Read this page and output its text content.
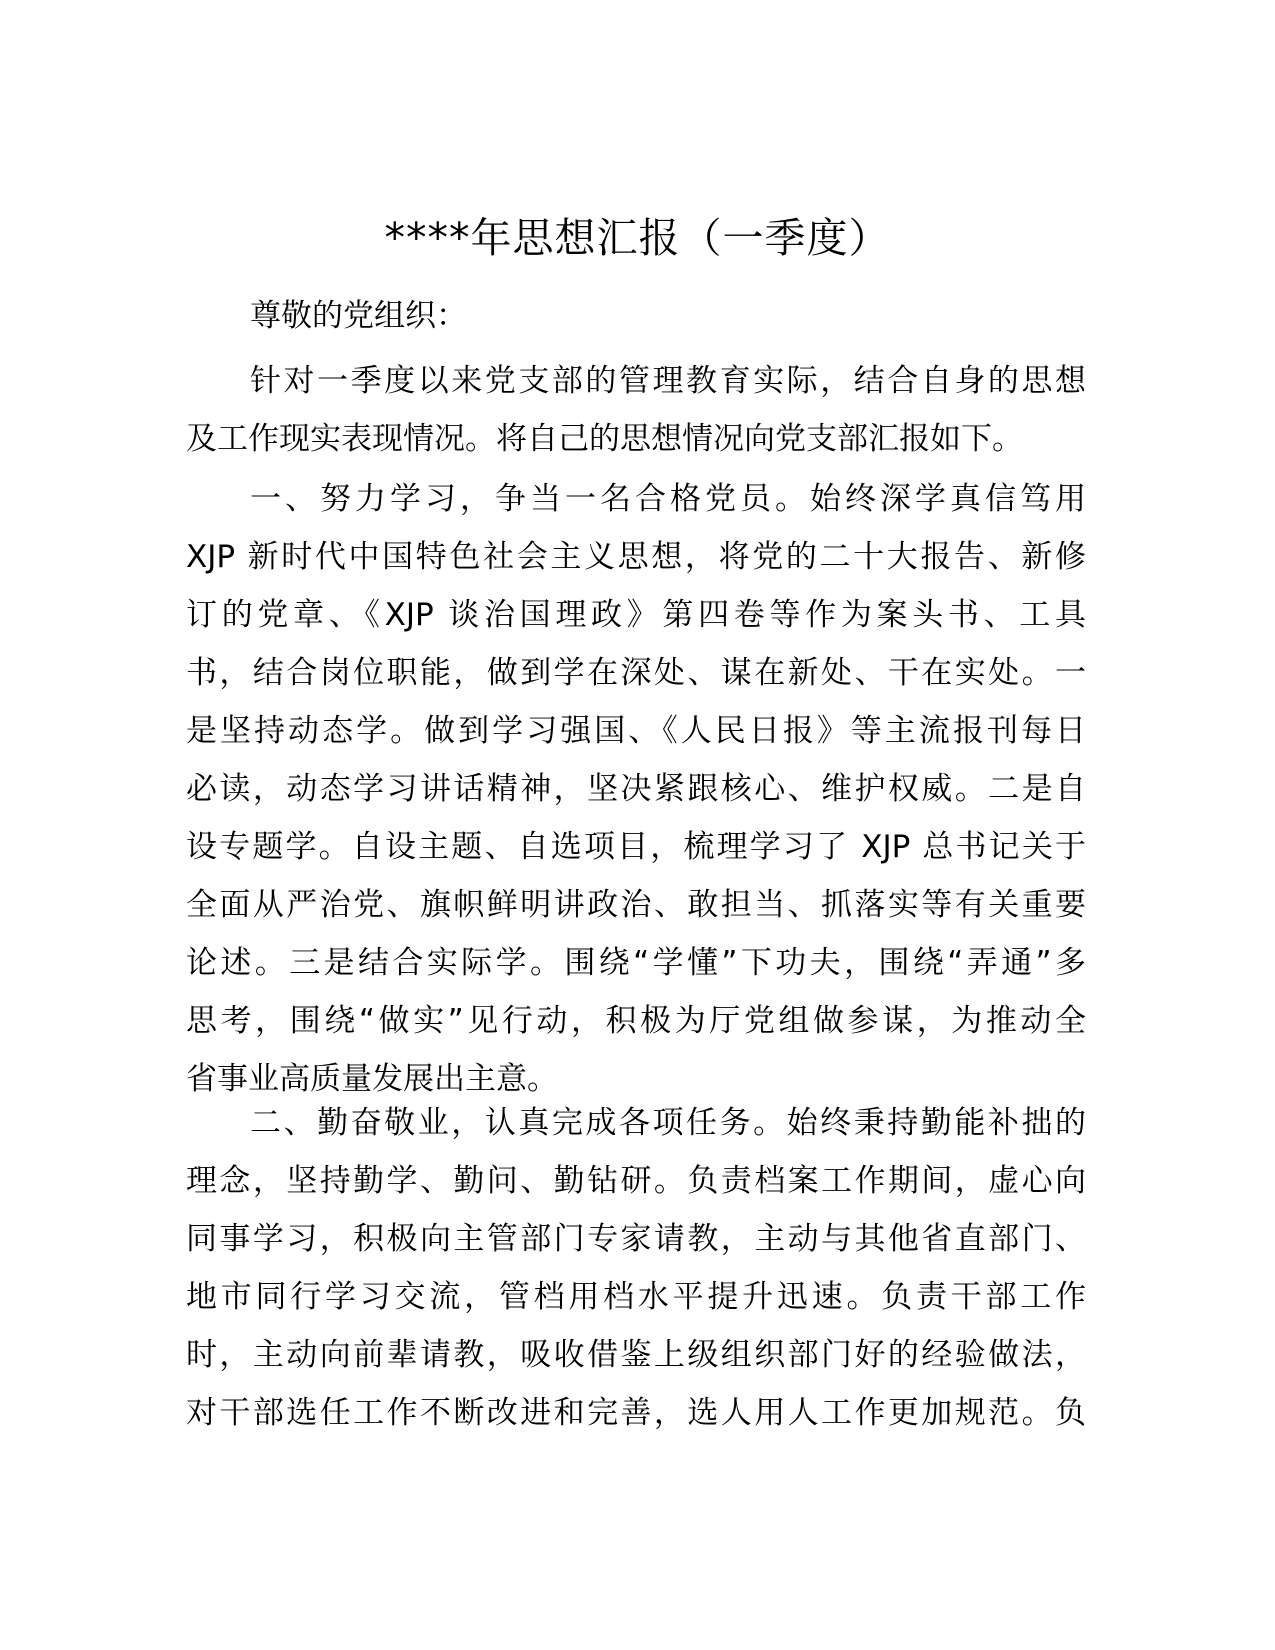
****年思想汇报（一季度）

尊敬的党组织：

针对一季度以来党支部的管理教育实际，结合自身的思想
及工作现实表现情况。将自己的思想情况向党支部汇报如下。
一、努力学习，争当一名合格党员。始终深学真信笃用
XJP 新时代中国特色社会主义思想，将党的二十大报告、新修
订的党章、《XJP 谈治国理政》第四卷等作为案头书、工具
书，结合岗位职能，做到学在深处、谋在新处、干在实处。一
是坚持动态学。做到学习强国、《人民日报》等主流报刊每日
必读，动态学习讲话精神，坚决紧跟核心、维护权威。二是自
设专题学。自设主题、自选项目，梳理学习了 XJP 总书记关于
全面从严治党、旗帜鲜明讲政治、敢担当、抓落实等有关重要
论述。三是结合实际学。围绕“学懂”下功夫，围绕“弄通”多
思考，围绕“做实”见行动，积极为厅党组做参谋，为推动全
省事业高质量发展出主意。
二、勤奋敬业，认真完成各项任务。始终秉持勤能补拙的
理念，坚持勤学、勤问、勤钻研。负责档案工作期间，虚心向
同事学习，积极向主管部门专家请教，主动与其他省直部门、
地市同行学习交流，管档用档水平提升迅速。负责干部工作
时，主动向前辈请教，吸收借鉴上级组织部门好的经验做法，
对干部选任工作不断改进和完善，选人用人工作更加规范。负
